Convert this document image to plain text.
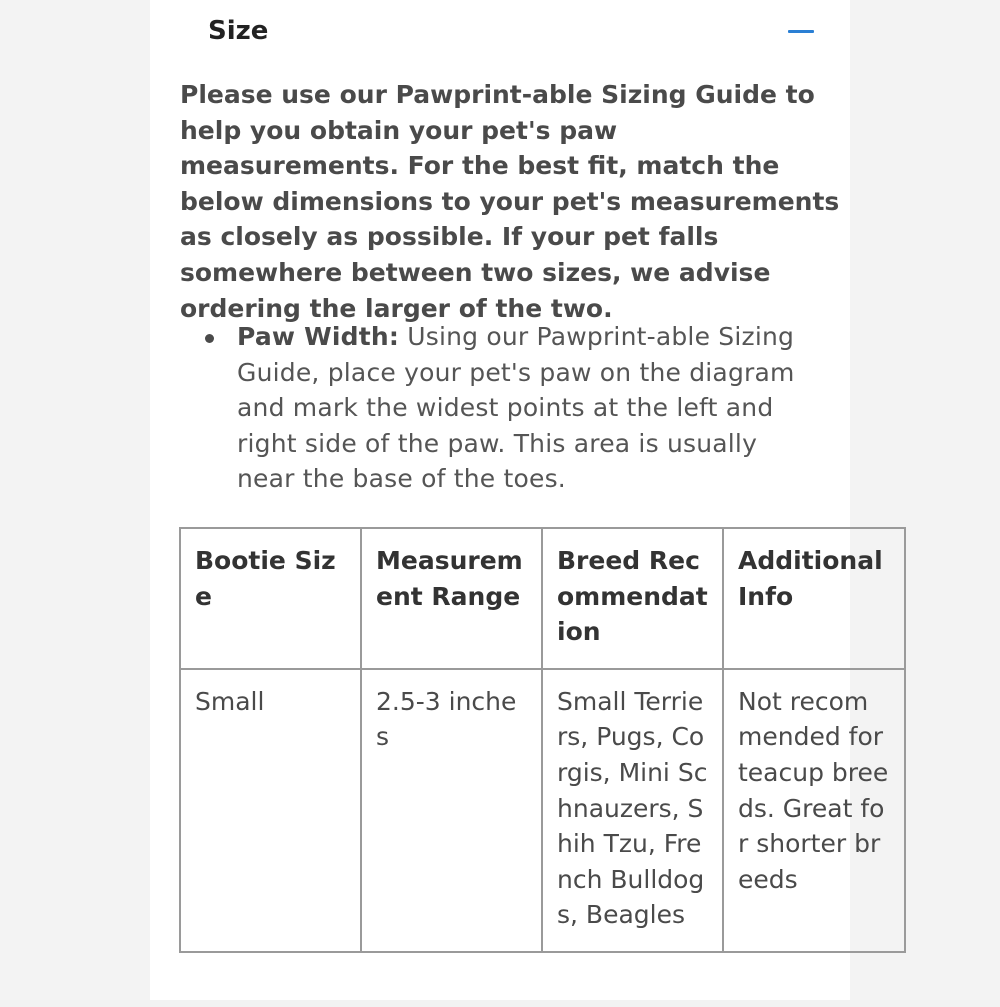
Size

Please use our Pawprint-able Sizing Guide to help you obtain your pet's paw measurements. For the best fit, match the below dimensions to your pet's measurements as closely as possible. If your pet falls somewhere between two sizes, we advise ordering the larger of the two.

Paw Width: Using our Pawprint-able Sizing Guide, place your pet's paw on the diagram and mark the widest points at the left and right side of the paw. This area is usually near the base of the toes.
Bootie Size	Measurement Range	Breed Recommendation	Additional Info
Small	2.5-3 inches	Small Terriers, Pugs, Corgis, Mini Schnauzers, Shih Tzu, French Bulldogs, Beagles	Not recommended for teacup breeds. Great for shorter breeds
